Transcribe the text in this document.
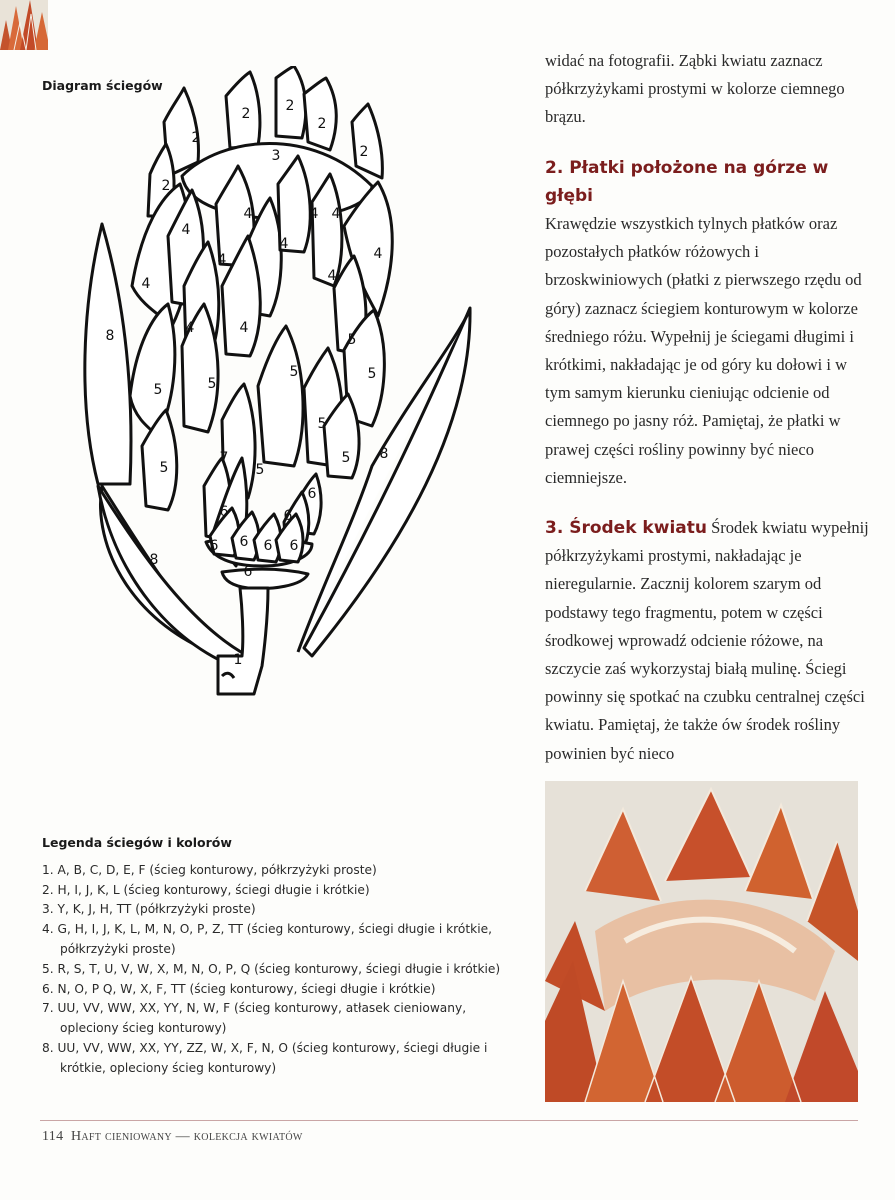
Diagram ściegów
2
2	2
2
2
2
3
4
4	4 4
4
4
4
4
4
4	4
5
5	5
5	5
5
5
5
5
6
6
6
6 6 6 6
6
7
8
8
8
1

widać na fotografii. Ząbki kwiatu zaznacz półkrzyżykami prostymi w kolorze ciemnego brązu.

2. Płatki położone na górze w głębi

Krawędzie wszystkich tylnych płatków oraz pozostałych płatków różowych i brzoskwiniowych (płatki z pierwszego rzędu od góry) zaznacz ściegiem konturowym w kolorze średniego różu. Wypełnij je ściegami długimi i krótkimi, nakładając je od góry ku dołowi i w tym samym kierunku cieniując odcienie od ciemnego po jasny róż. Pamiętaj, że płatki w prawej części rośliny powinny być nieco ciemniejsze.

3. Środek kwiatu Środek kwiatu wypełnij półkrzyżykami prostymi, nakładając je nieregularnie. Zacznij kolorem szarym od podstawy tego fragmentu, potem w części środkowej wprowadź odcienie różowe, na szczycie zaś wykorzystaj białą mulinę. Ściegi powinny się spotkać na czubku centralnej części kwiatu. Pamiętaj, że także ów środek rośliny powinien być nieco

Legenda ściegów i kolorów
1. A, B, C, D, E, F (ścieg konturowy, półkrzyżyki proste)
2. H, I, J, K, L (ścieg konturowy, ściegi długie i krótkie)
3. Y, K, J, H, TT (półkrzyżyki proste)
4. G, H, I, J, K, L, M, N, O, P, Z, TT (ścieg konturowy, ściegi długie i krótkie, półkrzyżyki proste)
5. R, S, T, U, V, W, X, M, N, O, P, Q (ścieg konturowy, ściegi długie i krótkie)
6. N, O, P Q, W, X, F, TT (ścieg konturowy, ściegi długie i krótkie)
7. UU, VV, WW, XX, YY, N, W, F (ścieg konturowy, atłasek cieniowany, opleciony ścieg konturowy)
8. UU, VV, WW, XX, YY, ZZ, W, X, F, N, O (ścieg konturowy, ściegi długie i krótkie, opleciony ścieg konturowy)
114 Haft cieniowany — kolekcja kwiatów
